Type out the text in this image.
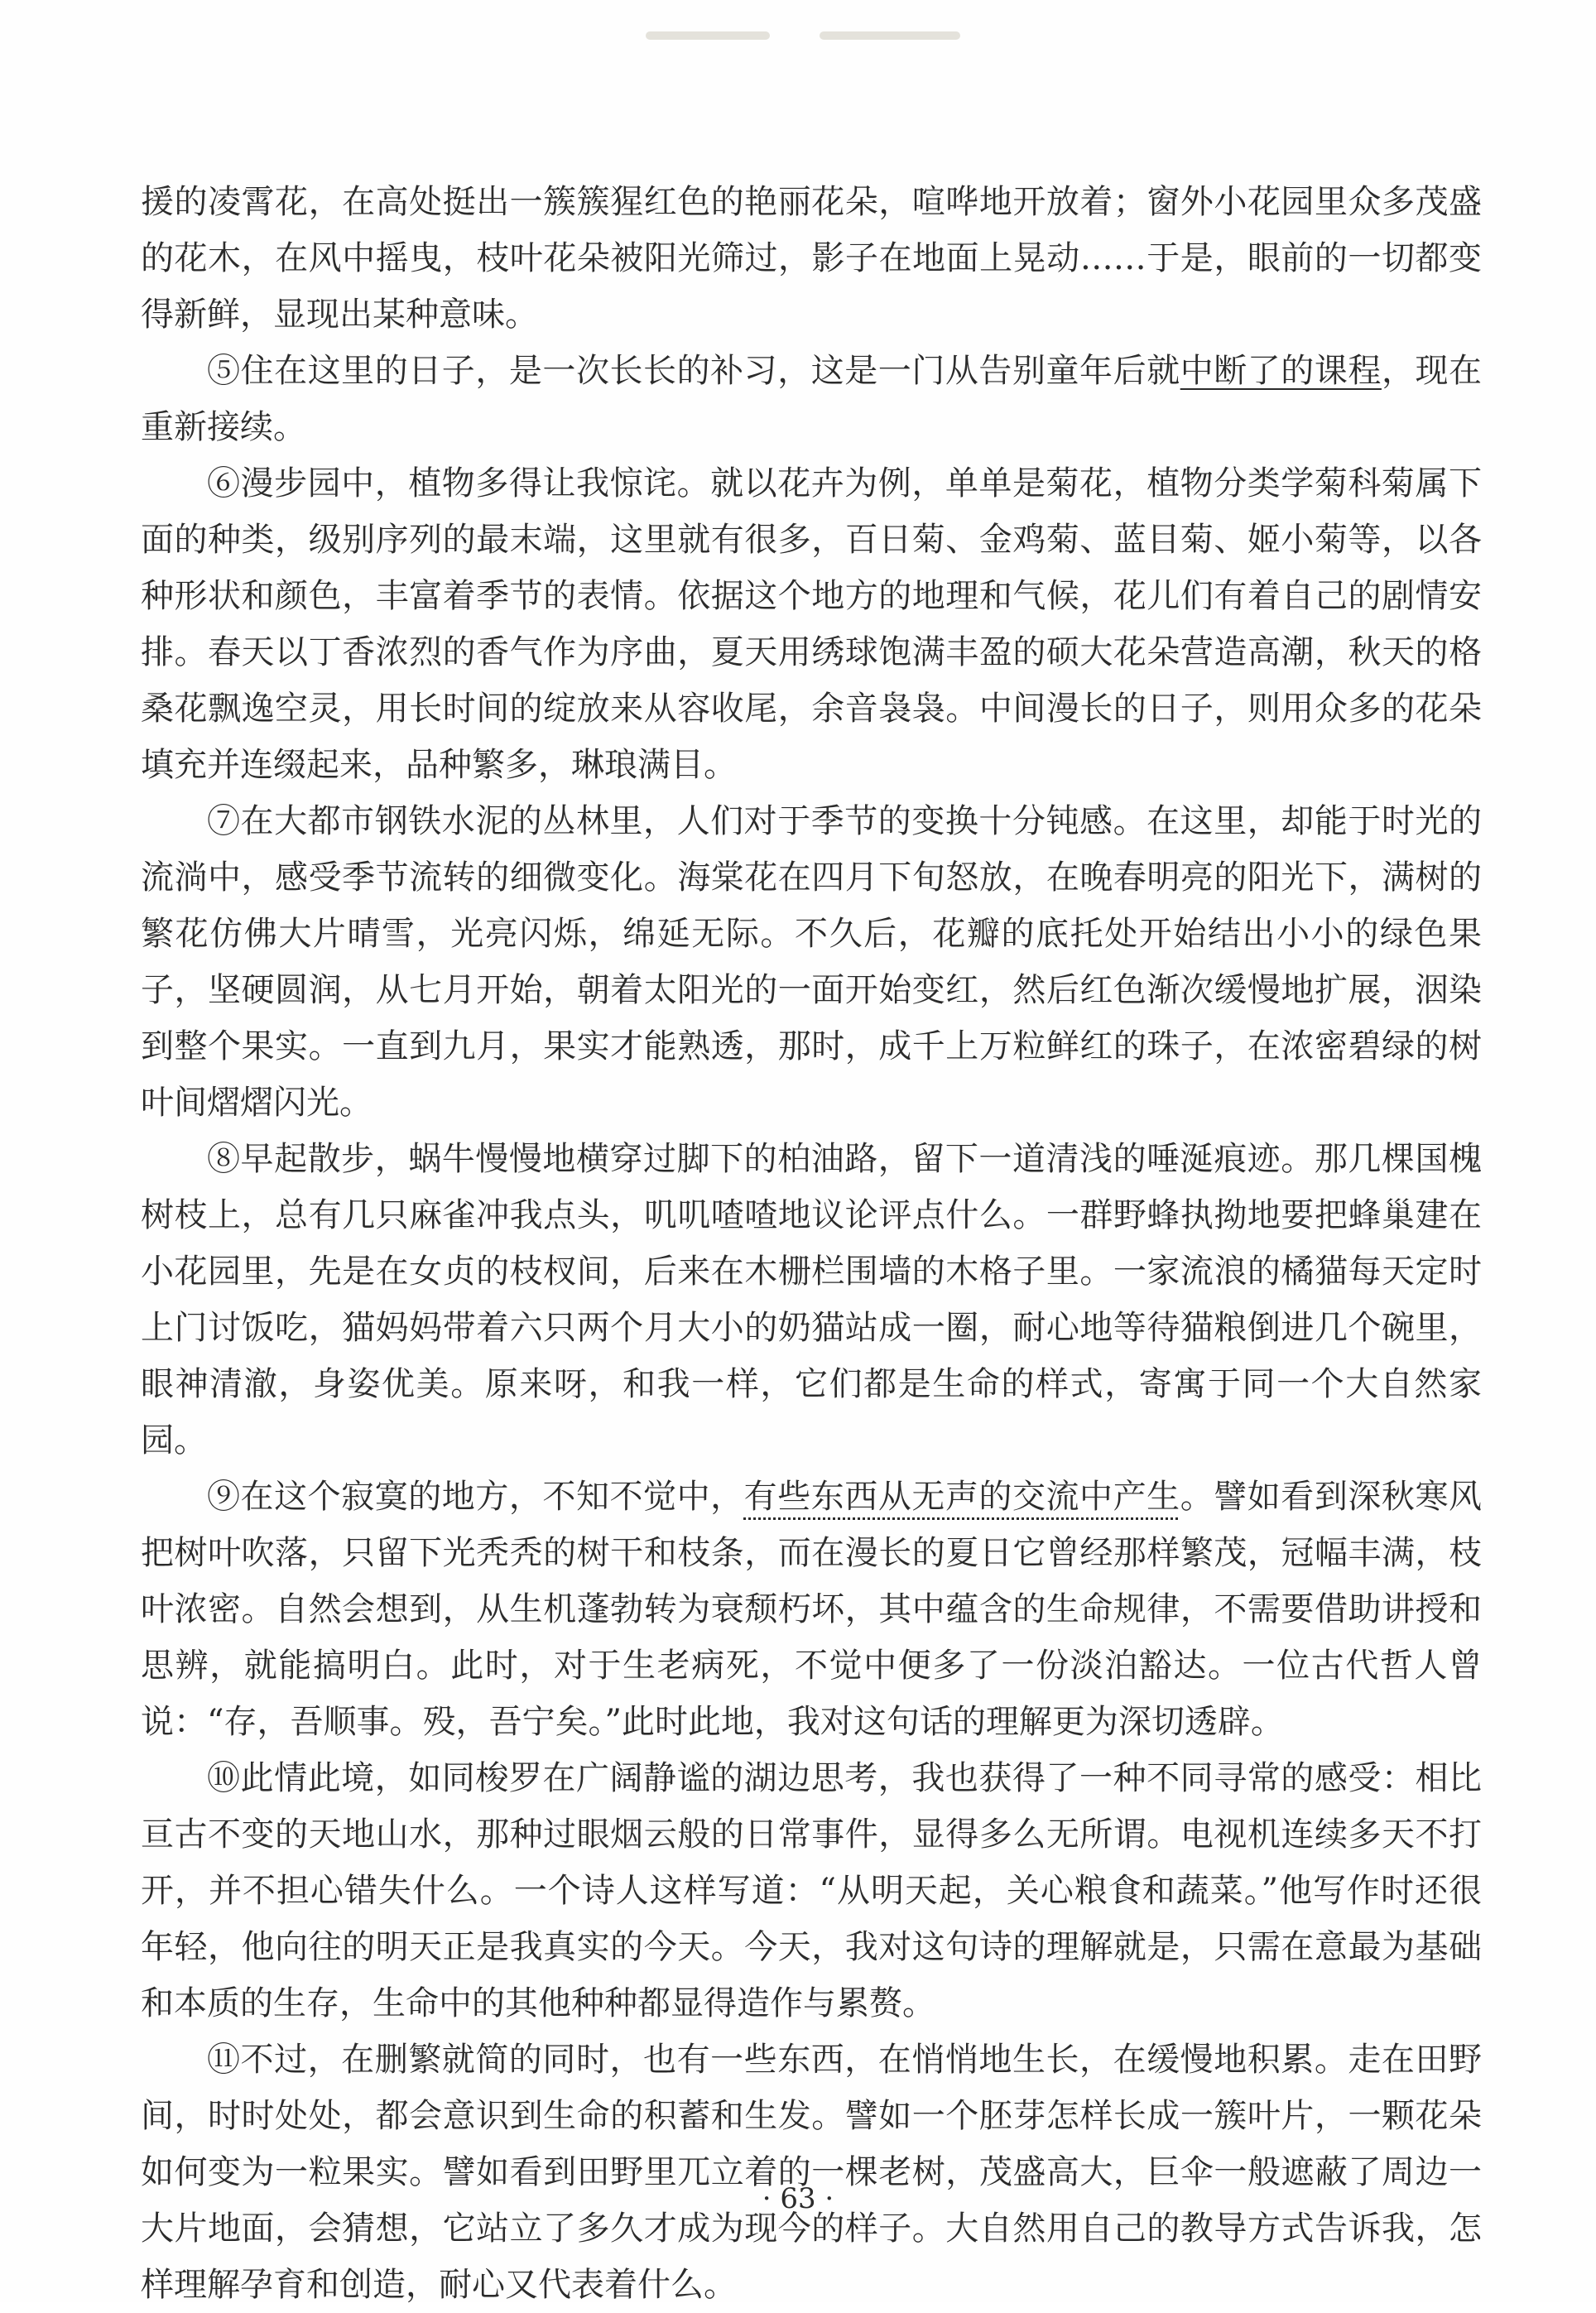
援的凌霄花，在高处挺出一簇簇猩红色的艳丽花朵，喧哗地开放着；窗外小花园里众多茂盛的花木，在风中摇曳，枝叶花朵被阳光筛过，影子在地面上晃动……于是，眼前的一切都变得新鲜，显现出某种意味。

⑤住在这里的日子，是一次长长的补习，这是一门从告别童年后就中断了的课程，现在重新接续。

⑥漫步园中，植物多得让我惊诧。就以花卉为例，单单是菊花，植物分类学菊科菊属下面的种类，级别序列的最末端，这里就有很多，百日菊、金鸡菊、蓝目菊、姬小菊等，以各种形状和颜色，丰富着季节的表情。依据这个地方的地理和气候，花儿们有着自己的剧情安排。春天以丁香浓烈的香气作为序曲，夏天用绣球饱满丰盈的硕大花朵营造高潮，秋天的格桑花飘逸空灵，用长时间的绽放来从容收尾，余音袅袅。中间漫长的日子，则用众多的花朵填充并连缀起来，品种繁多，琳琅满目。

⑦在大都市钢铁水泥的丛林里，人们对于季节的变换十分钝感。在这里，却能于时光的流淌中，感受季节流转的细微变化。海棠花在四月下旬怒放，在晚春明亮的阳光下，满树的繁花仿佛大片晴雪，光亮闪烁，绵延无际。不久后，花瓣的底托处开始结出小小的绿色果子，坚硬圆润，从七月开始，朝着太阳光的一面开始变红，然后红色渐次缓慢地扩展，洇染到整个果实。一直到九月，果实才能熟透，那时，成千上万粒鲜红的珠子，在浓密碧绿的树叶间熠熠闪光。

⑧早起散步，蜗牛慢慢地横穿过脚下的柏油路，留下一道清浅的唾涎痕迹。那几棵国槐树枝上，总有几只麻雀冲我点头，叽叽喳喳地议论评点什么。一群野蜂执拗地要把蜂巢建在小花园里，先是在女贞的枝杈间，后来在木栅栏围墙的木格子里。一家流浪的橘猫每天定时上门讨饭吃，猫妈妈带着六只两个月大小的奶猫站成一圈，耐心地等待猫粮倒进几个碗里，眼神清澈，身姿优美。原来呀，和我一样，它们都是生命的样式，寄寓于同一个大自然家园。

⑨在这个寂寞的地方，不知不觉中，有些东西从无声的交流中产生。譬如看到深秋寒风把树叶吹落，只留下光秃秃的树干和枝条，而在漫长的夏日它曾经那样繁茂，冠幅丰满，枝叶浓密。自然会想到，从生机蓬勃转为衰颓朽坏，其中蕴含的生命规律，不需要借助讲授和思辨，就能搞明白。此时，对于生老病死，不觉中便多了一份淡泊豁达。一位古代哲人曾说：“存，吾顺事。殁，吾宁矣。”此时此地，我对这句话的理解更为深切透辟。

⑩此情此境，如同梭罗在广阔静谧的湖边思考，我也获得了一种不同寻常的感受：相比亘古不变的天地山水，那种过眼烟云般的日常事件，显得多么无所谓。电视机连续多天不打开，并不担心错失什么。一个诗人这样写道：“从明天起，关心粮食和蔬菜。”他写作时还很年轻，他向往的明天正是我真实的今天。今天，我对这句诗的理解就是，只需在意最为基础和本质的生存，生命中的其他种种都显得造作与累赘。

⑪不过，在删繁就简的同时，也有一些东西，在悄悄地生长，在缓慢地积累。走在田野间，时时处处，都会意识到生命的积蓄和生发。譬如一个胚芽怎样长成一簇叶片，一颗花朵如何变为一粒果实。譬如看到田野里兀立着的一棵老树，茂盛高大，巨伞一般遮蔽了周边一大片地面，会猜想，它站立了多久才成为现今的样子。大自然用自己的教导方式告诉我，怎样理解孕育和创造，耐心又代表着什么。

· 63 ·
